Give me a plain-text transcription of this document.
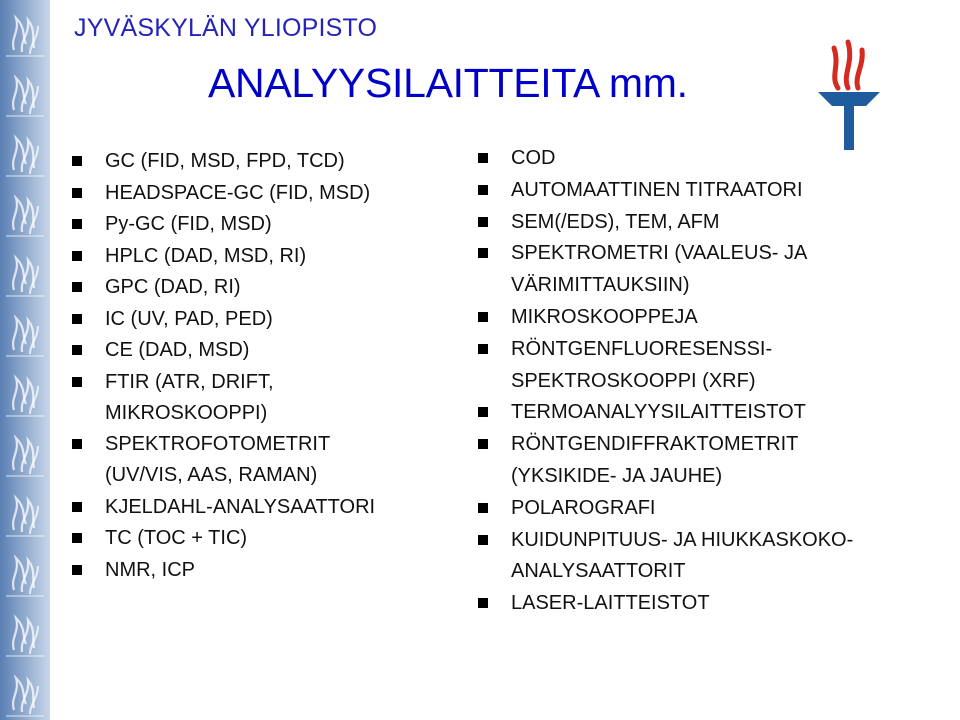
JYVÄSKYLÄN YLIOPISTO
ANALYYSILAITTEITA mm.
GC (FID, MSD, FPD, TCD)
HEADSPACE-GC (FID, MSD)
Py-GC (FID, MSD)
HPLC (DAD, MSD, RI)
GPC (DAD, RI)
IC (UV, PAD, PED)
CE (DAD, MSD)
FTIR (ATR, DRIFT,
MIKROSKOOPPI)
SPEKTROFOTOMETRIT
(UV/VIS, AAS, RAMAN)
KJELDAHL-ANALYSAATTORI
TC (TOC + TIC)
NMR, ICP
COD
AUTOMAATTINEN TITRAATORI
SEM(/EDS), TEM, AFM
SPEKTROMETRI (VAALEUS- JA
VÄRIMITTAUKSIIN)
MIKROSKOOPPEJA
RÖNTGENFLUORESENSSI-
SPEKTROSKOOPPI (XRF)
TERMOANALYYSILAITTEISTOT
RÖNTGENDIFFRAKTOMETRIT
(YKSIKIDE- JA JAUHE)
POLAROGRAFI
KUIDUNPITUUS- JA HIUKKASKOKO-
ANALYSAATTORIT
LASER-LAITTEISTOT
